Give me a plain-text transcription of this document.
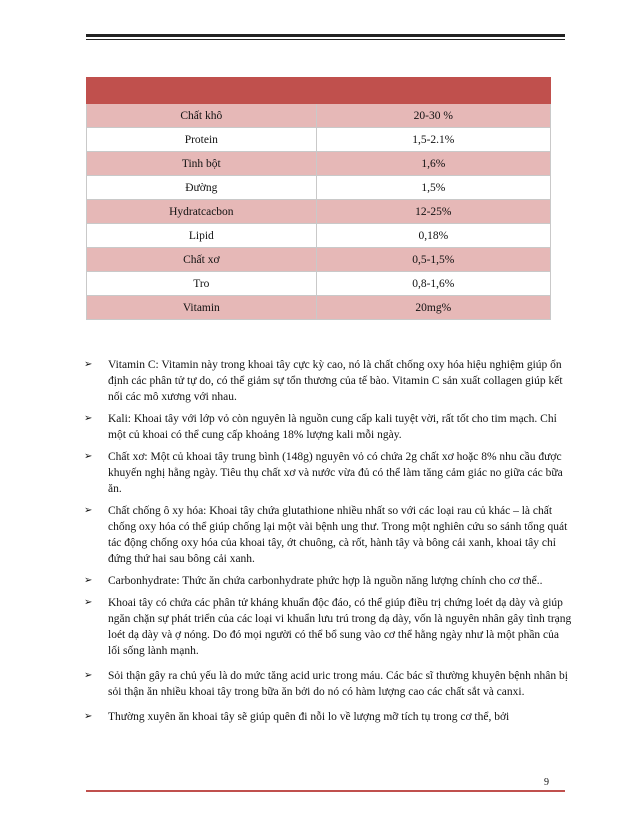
Chất khô	20-30 %
Protein	1,5-2.1%
Tinh bột	1,6%
Đường	1,5%
Hydratcacbon	12-25%
Lipid	0,18%
Chất xơ	0,5-1,5%
Tro	0,8-1,6%
Vitamin	20mg%
➢	Vitamin C: Vitamin này trong khoai tây cực kỳ cao, nó là chất chống oxy hóa hiệu nghiệm giúp ổn định các phân tử tự do, có thể giảm sự tổn thương của tế bào. Vitamin C sản xuất collagen giúp kết nối các mô xương với nhau.
➢	Kali: Khoai tây với lớp vỏ còn nguyên là nguồn cung cấp kali tuyệt vời, rất tốt cho tim mạch. Chỉ một củ khoai có thể cung cấp khoảng 18% lượng kali mỗi ngày.
➢	Chất xơ: Một củ khoai tây trung bình (148g) nguyên vỏ có chứa 2g chất xơ hoặc 8% nhu cầu được khuyến nghị hằng ngày. Tiêu thụ chất xơ và nước vừa đủ có thể làm tăng cảm giác no giữa các bữa ăn.
➢	Chất chống ô xy hóa: Khoai tây chứa glutathione nhiều nhất so với các loại rau củ khác – là chất chống oxy hóa có thể giúp chống lại một vài bệnh ung thư. Trong một nghiên cứu so sánh tổng quát tác động chống oxy hóa của khoai tây, ớt chuông, cà rốt, hành tây và bông cải xanh, khoai tây chỉ đứng thứ hai sau bông cải xanh.
➢	Carbonhydrate: Thức ăn chứa carbonhydrate phức hợp là nguồn năng lượng chính cho cơ thể..
➢	Khoai tây có chứa các phân tử kháng khuẩn độc đáo, có thể giúp điều trị chứng loét dạ dày và giúp ngăn chặn sự phát triển của các loại vi khuẩn lưu trú trong dạ dày, vốn là nguyên nhân gây tình trạng loét dạ dày và ợ nóng. Do đó mọi người có thể bổ sung vào cơ thể hằng ngày như là một phần của lối sống lành mạnh.
➢	Sỏi thận gây ra chủ yếu là do mức tăng acid uric trong máu. Các bác sĩ thường khuyên bệnh nhân bị sỏi thận ăn nhiều khoai tây trong bữa ăn bởi do nó có hàm lượng cao các chất sắt và canxi.
➢	Thường xuyên ăn khoai tây sẽ giúp quên đi nỗi lo về lượng mỡ tích tụ trong cơ thể, bởi
9
